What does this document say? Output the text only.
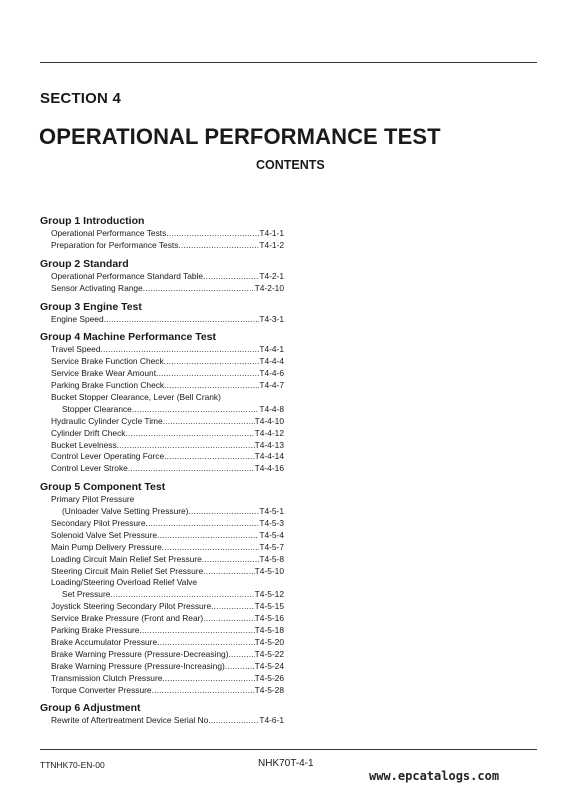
SECTION 4
OPERATIONAL PERFORMANCE TEST
CONTENTS
Group 1 Introduction
Operational Performance Tests .....	T4-1-1
Preparation for Performance Tests .....	T4-1-2
Group 2 Standard
Operational Performance Standard Table .....	T4-2-1
Sensor Activating Range .....	T4-2-10
Group 3 Engine Test
Engine Speed .....	T4-3-1
Group 4 Machine Performance Test
Travel Speed .....	T4-4-1
Service Brake Function Check .....	T4-4-4
Service Brake Wear Amount .....	T4-4-6
Parking Brake Function Check .....	T4-4-7
Bucket Stopper Clearance, Lever (Bell Crank)
Stopper Clearance .....	T4-4-8
Hydraulic Cylinder Cycle Time .....	T4-4-10
Cylinder Drift Check .....	T4-4-12
Bucket Levelness .....	T4-4-13
Control Lever Operating Force .....	T4-4-14
Control Lever Stroke .....	T4-4-16
Group 5 Component Test
Primary Pilot Pressure
(Unloader Valve Setting Pressure) .....	T4-5-1
Secondary Pilot Pressure .....	T4-5-3
Solenoid Valve Set Pressure .....	T4-5-4
Main Pump Delivery Pressure .....	T4-5-7
Loading Circuit Main Relief Set Pressure .....	T4-5-8
Steering Circuit Main Relief Set Pressure .....	T4-5-10
Loading/Steering Overload Relief Valve
Set Pressure .....	T4-5-12
Joystick Steering Secondary Pilot Pressure .....	T4-5-15
Service Brake Pressure (Front and Rear) .....	T4-5-16
Parking Brake Pressure .....	T4-5-18
Brake Accumulator Pressure .....	T4-5-20
Brake Warning Pressure (Pressure-Decreasing) .....	T4-5-22
Brake Warning Pressure (Pressure-Increasing) .....	T4-5-24
Transmission Clutch Pressure .....	T4-5-26
Torque Converter Pressure .....	T4-5-28
Group 6 Adjustment
Rewrite of Aftertreatment Device Serial No. .....	T4-6-1
TTNHK70-EN-00	NHK70T-4-1
www.epcatalogs.com
